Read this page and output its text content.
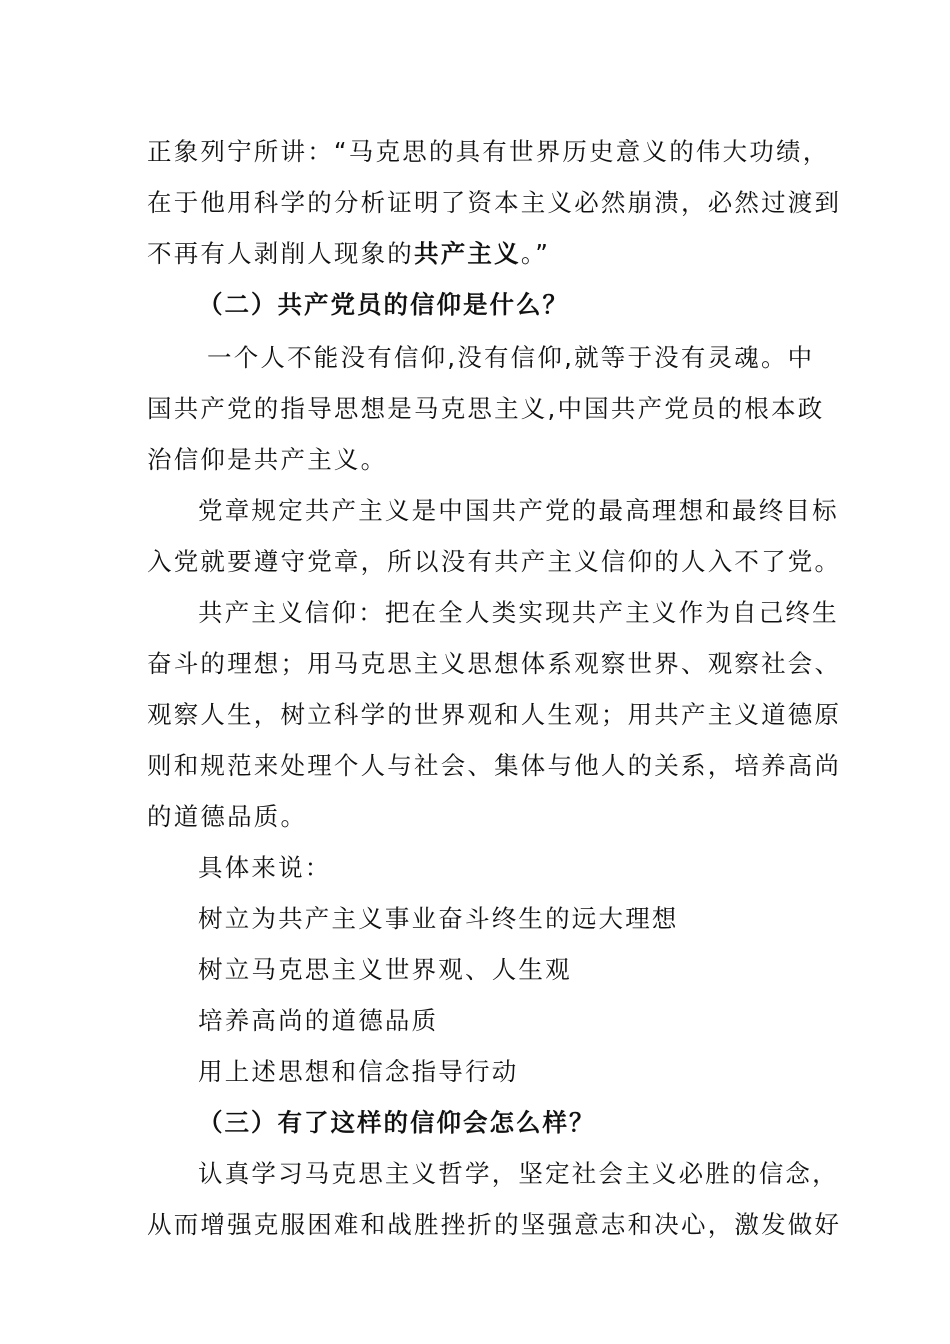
正象列宁所讲：“马克思的具有世界历史意义的伟大功绩，
在于他用科学的分析证明了资本主义必然崩溃，必然过渡到
不再有人剥削人现象的共产主义。”
（二）共产党员的信仰是什么？
一个人不能没有信仰,没有信仰,就等于没有灵魂。中
国共产党的指导思想是马克思主义,中国共产党员的根本政
治信仰是共产主义。
党章规定共产主义是中国共产党的最高理想和最终目标
入党就要遵守党章，所以没有共产主义信仰的人入不了党。
共产主义信仰：把在全人类实现共产主义作为自己终生
奋斗的理想；用马克思主义思想体系观察世界、观察社会、
观察人生，树立科学的世界观和人生观；用共产主义道德原
则和规范来处理个人与社会、集体与他人的关系，培养高尚
的道德品质。
具体来说：
树立为共产主义事业奋斗终生的远大理想
树立马克思主义世界观、人生观
培养高尚的道德品质
用上述思想和信念指导行动
（三）有了这样的信仰会怎么样？
认真学习马克思主义哲学，坚定社会主义必胜的信念，
从而增强克服困难和战胜挫折的坚强意志和决心，激发做好
